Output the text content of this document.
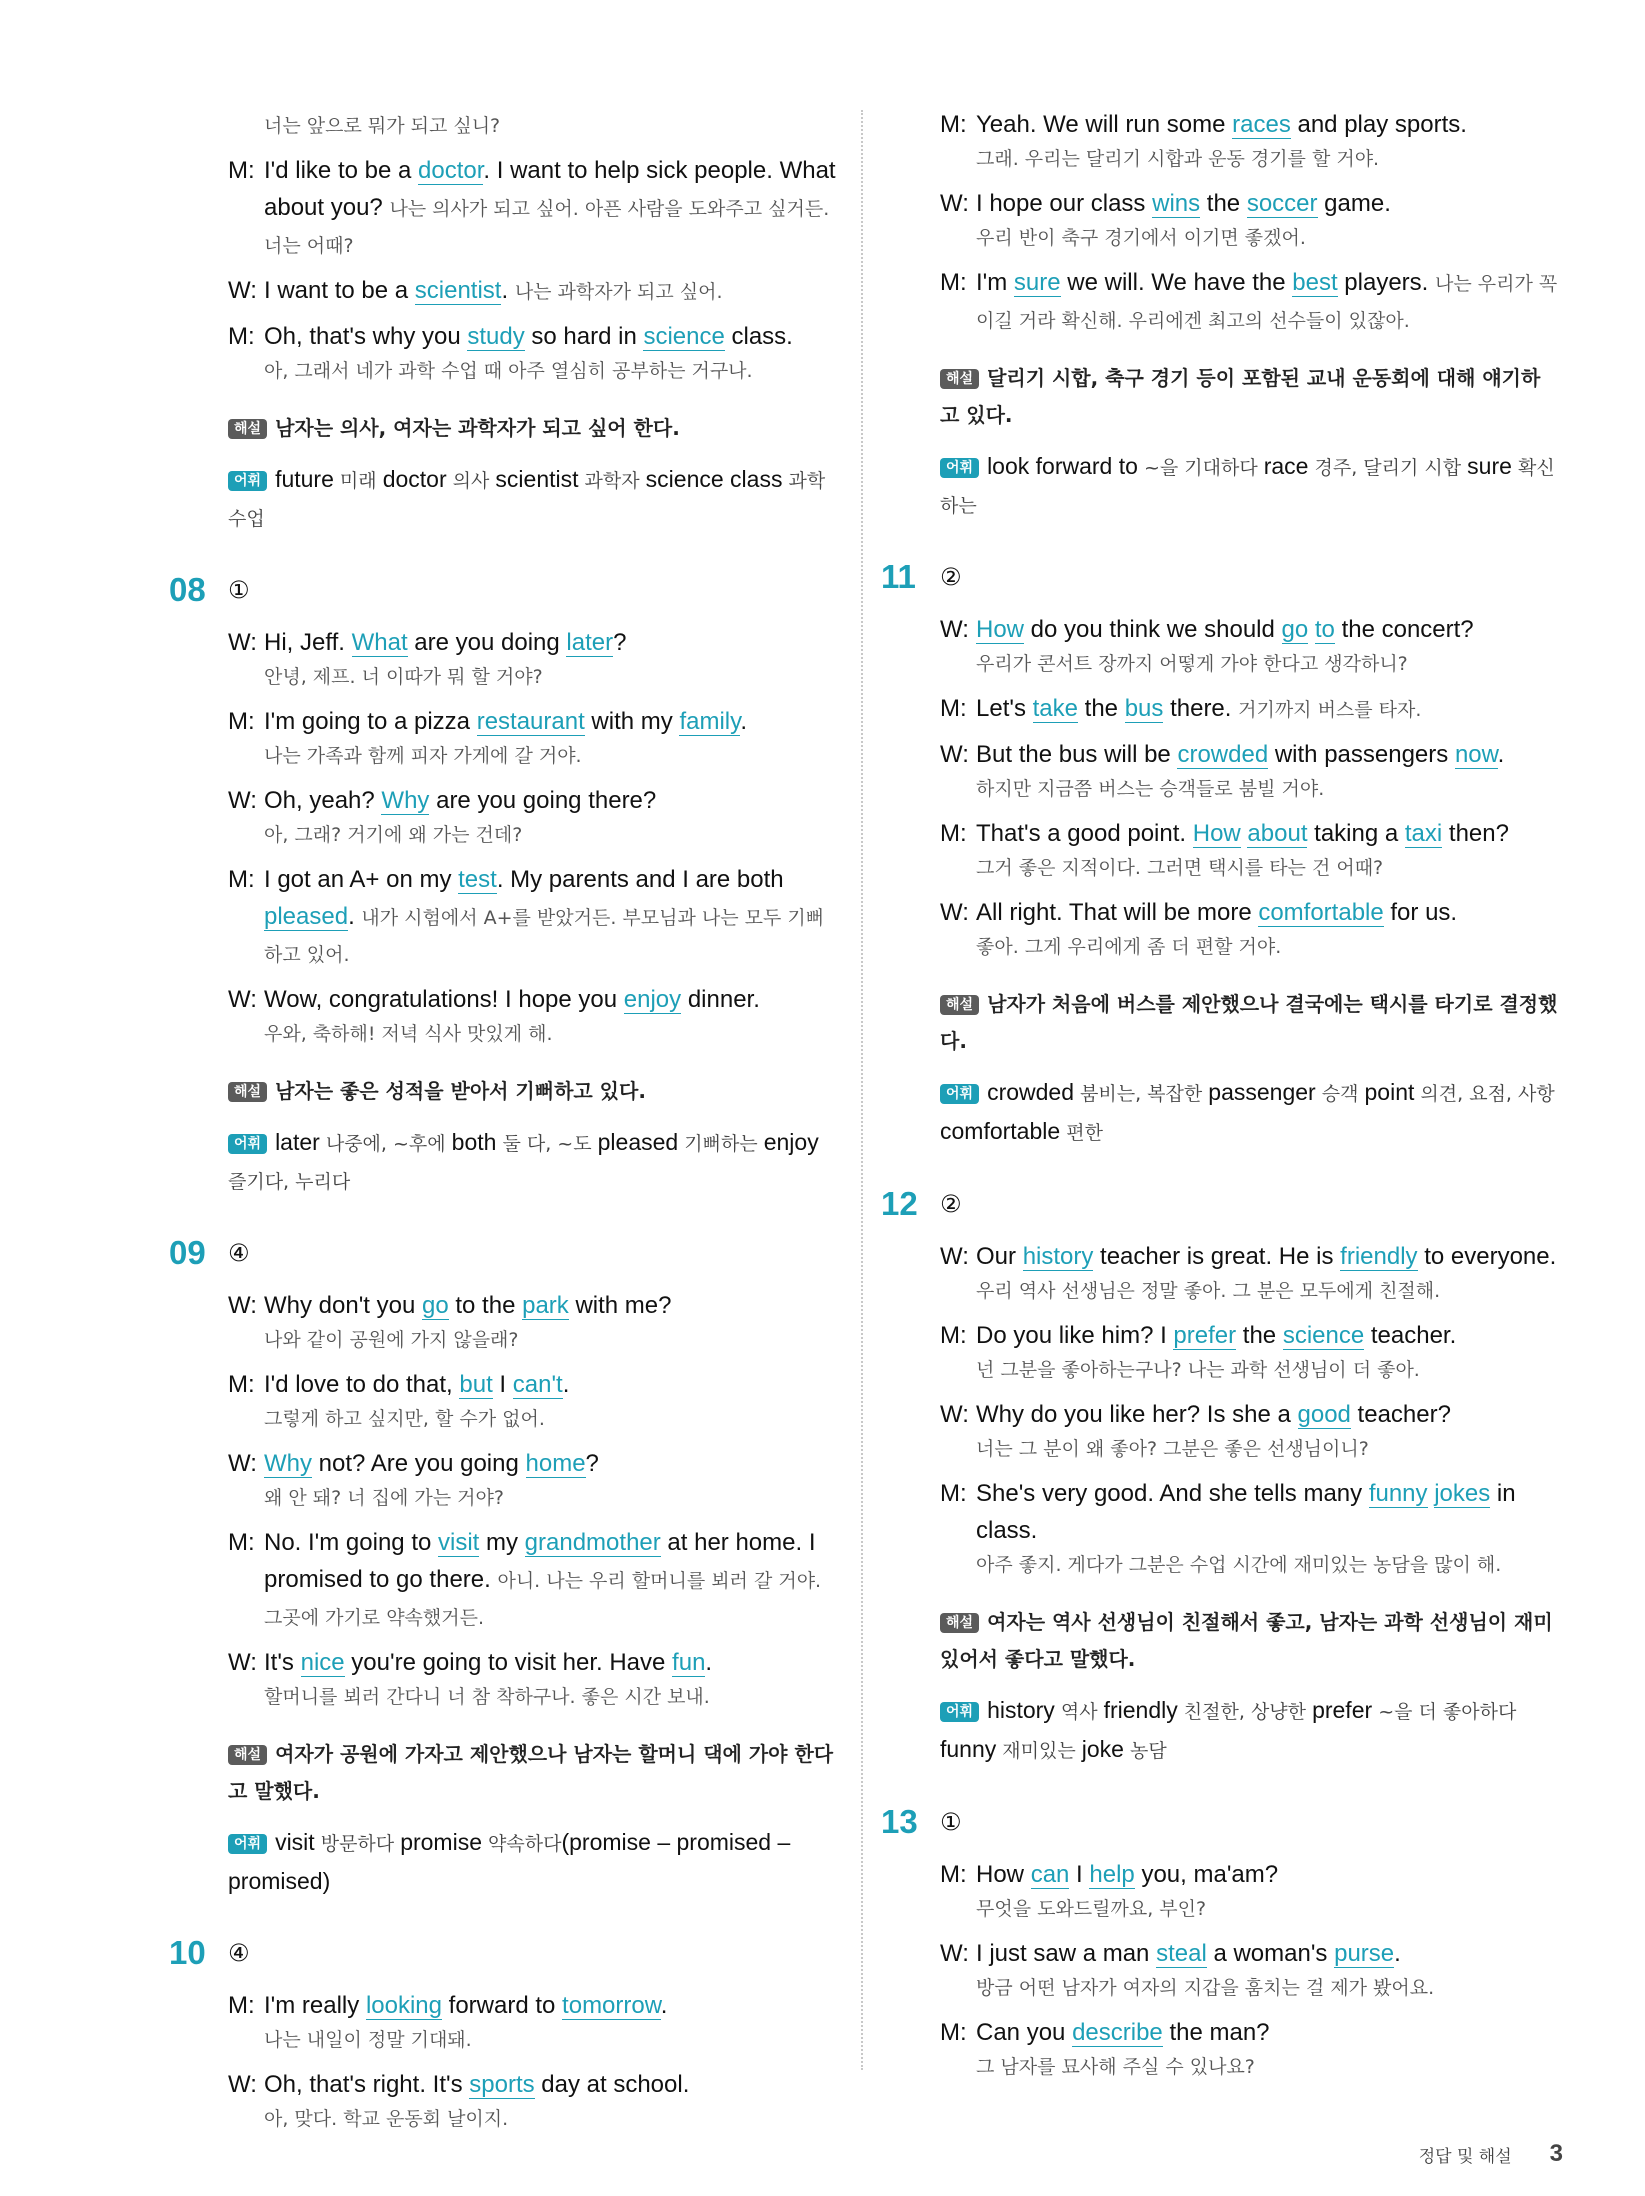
너는 앞으로 뭐가 되고 싶니?

M: I'd like to be a doctor. I want to help sick people. What about you? 나는 의사가 되고 싶어. 아픈 사람을 도와주고 싶거든. 너는 어때?

W: I want to be a scientist. 나는 과학자가 되고 싶어.

M: Oh, that's why you study so hard in science class.

아, 그래서 네가 과학 수업 때 아주 열심히 공부하는 거구나.

해설 남자는 의사, 여자는 과학자가 되고 싶어 한다.
어휘 future 미래 doctor 의사 scientist 과학자 science class 과학 수업
08 ①
W: Hi, Jeff. What are you doing later?

안녕, 제프. 너 이따가 뭐 할 거야?

M: I'm going to a pizza restaurant with my family.

나는 가족과 함께 피자 가게에 갈 거야.

W: Oh, yeah? Why are you going there?

아, 그래? 거기에 왜 가는 건데?

M: I got an A+ on my test. My parents and I are both pleased. 내가 시험에서 A+를 받았거든. 부모님과 나는 모두 기뻐하고 있어.

W: Wow, congratulations! I hope you enjoy dinner.

우와, 축하해! 저녁 식사 맛있게 해.

해설 남자는 좋은 성적을 받아서 기뻐하고 있다.
어휘 later 나중에, ~후에 both 둘 다, ~도 pleased 기뻐하는 enjoy 즐기다, 누리다
09 ④
W: Why don't you go to the park with me?

나와 같이 공원에 가지 않을래?

M: I'd love to do that, but I can't.

그렇게 하고 싶지만, 할 수가 없어.

W: Why not? Are you going home?

왜 안 돼? 너 집에 가는 거야?

M: No. I'm going to visit my grandmother at her home. I promised to go there. 아니. 나는 우리 할머니를 뵈러 갈 거야. 그곳에 가기로 약속했거든.

W: It's nice you're going to visit her. Have fun.

할머니를 뵈러 간다니 너 참 착하구나. 좋은 시간 보내.

해설 여자가 공원에 가자고 제안했으나 남자는 할머니 댁에 가야 한다고 말했다.
어휘 visit 방문하다 promise 약속하다(promise – promised – promised)
10 ④
M: I'm really looking forward to tomorrow.

나는 내일이 정말 기대돼.

W: Oh, that's right. It's sports day at school.

아, 맞다. 학교 운동회 날이지.

M: Yeah. We will run some races and play sports.

그래. 우리는 달리기 시합과 운동 경기를 할 거야.

W: I hope our class wins the soccer game.

우리 반이 축구 경기에서 이기면 좋겠어.

M: I'm sure we will. We have the best players. 나는 우리가 꼭 이길 거라 확신해. 우리에겐 최고의 선수들이 있잖아.

해설 달리기 시합, 축구 경기 등이 포함된 교내 운동회에 대해 얘기하고 있다.
어휘 look forward to ~을 기대하다 race 경주, 달리기 시합 sure 확신하는
11 ②
W: How do you think we should go to the concert?

우리가 콘서트 장까지 어떻게 가야 한다고 생각하니?

M: Let's take the bus there. 거기까지 버스를 타자.

W: But the bus will be crowded with passengers now.

하지만 지금쯤 버스는 승객들로 붐빌 거야.

M: That's a good point. How about taking a taxi then?

그거 좋은 지적이다. 그러면 택시를 타는 건 어때?

W: All right. That will be more comfortable for us.

좋아. 그게 우리에게 좀 더 편할 거야.

해설 남자가 처음에 버스를 제안했으나 결국에는 택시를 타기로 결정했다.
어휘 crowded 붐비는, 복잡한 passenger 승객 point 의견, 요점, 사항 comfortable 편한
12 ②
W: Our history teacher is great. He is friendly to everyone.

우리 역사 선생님은 정말 좋아. 그 분은 모두에게 친절해.

M: Do you like him? I prefer the science teacher.

넌 그분을 좋아하는구나? 나는 과학 선생님이 더 좋아.

W: Why do you like her? Is she a good teacher?

너는 그 분이 왜 좋아? 그분은 좋은 선생님이니?

M: She's very good. And she tells many funny jokes in class.

아주 좋지. 게다가 그분은 수업 시간에 재미있는 농담을 많이 해.

해설 여자는 역사 선생님이 친절해서 좋고, 남자는 과학 선생님이 재미있어서 좋다고 말했다.
어휘 history 역사 friendly 친절한, 상냥한 prefer ~을 더 좋아하다 funny 재미있는 joke 농담
13 ①
M: How can I help you, ma'am?

무엇을 도와드릴까요, 부인?

W: I just saw a man steal a woman's purse.

방금 어떤 남자가 여자의 지갑을 훔치는 걸 제가 봤어요.

M: Can you describe the man?

그 남자를 묘사해 주실 수 있나요?

정답 및 해설 3
